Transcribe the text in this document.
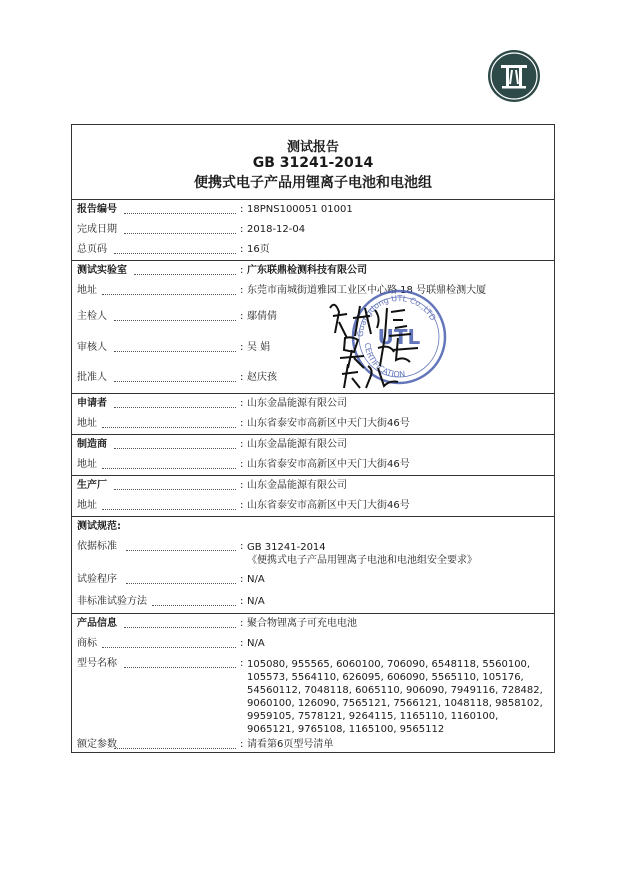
测试报告
GB 31241-2014
便携式电子产品用锂离子电池和电池组
报告编号	: 18PNS100051 01001
完成日期	: 2018-12-04
总页码	: 16页
测试实验室	: 广东联鼎检测科技有限公司
地址	: 东莞市南城街道雅园工业区中心路 18 号联鼎检测大厦
主检人	: 鄢倩倩
审核人	: 吴 娟
批准人	: 赵庆孩
申请者	: 山东金晶能源有限公司
地址	: 山东省泰安市高新区中天门大街46号
制造商	: 山东金晶能源有限公司
地址	: 山东省泰安市高新区中天门大街46号
生产厂	: 山东金晶能源有限公司
地址	: 山东省泰安市高新区中天门大街46号
测试规范:
依据标准	: GB 31241-2014
《便携式电子产品用锂离子电池和电池组安全要求》
试验程序	: N/A
非标准试验方法	: N/A
产品信息	: 聚合物锂离子可充电电池
商标	: N/A
型号名称	: 105080, 955565, 6060100, 706090, 6548118, 5560100, 105573, 5564110, 626095, 606090, 5565110, 105176, 54560112, 7048118, 6065110, 906090, 7949116, 728482, 9060100, 126090, 7565121, 7566121, 1048118, 9858102, 9959105, 7578121, 9264115, 1165110, 1160100, 9065121, 9765108, 1165100, 9565112
额定参数	: 请看第6页型号清单
Guangdong UTL Co.,LTD
UTL
CERTIFICATION
